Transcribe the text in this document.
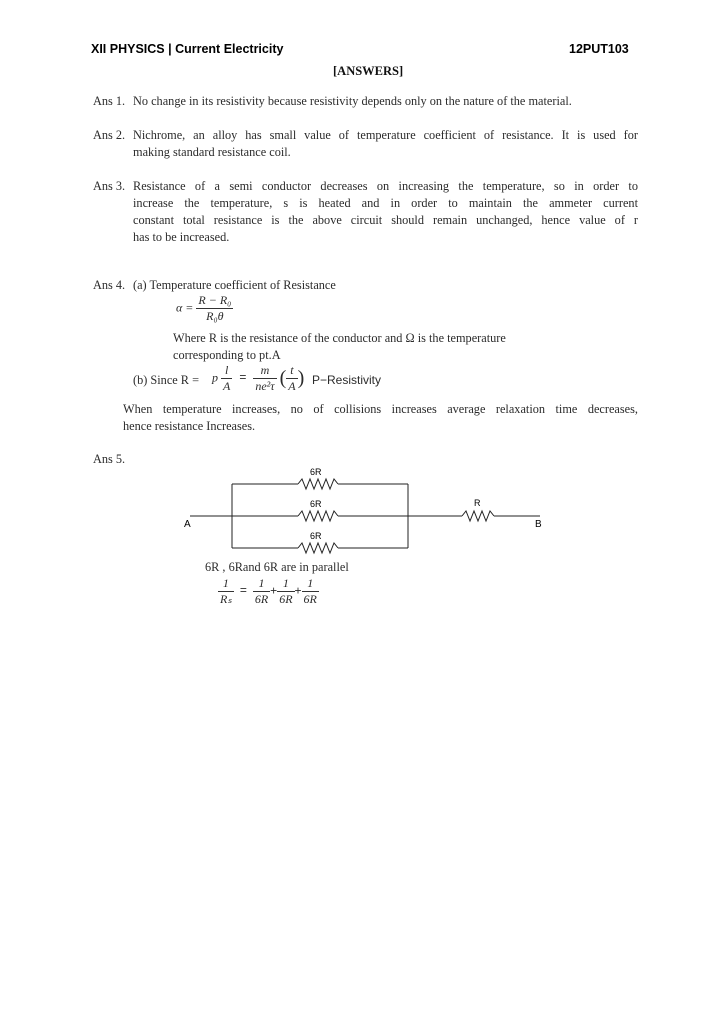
XII PHYSICS | Current Electricity	12PUT103
[ANSWERS]
Ans 1. No change in its resistivity because resistivity depends only on the nature of the material.
Ans 2. Nichrome, an alloy has small value of temperature coefficient of resistance. It is used for
making standard resistance coil.
Ans 3. Resistance of a semi conductor decreases on increasing the temperature, so in order to
increase the temperature, s is heated and in order to maintain the ammeter current
constant total resistance is the above circuit should remain unchanged, hence value of r
has to be increased.
Ans 4. (a) Temperature coefficient of Resistance
$\alpha = \frac{\text{R − R₀}}{\text{R₀θ}}$
Where R is the resistance of the conductor and Ω is the temperature
corresponding to pt.A
(b) Since R = p $\frac{l}{A} = \frac{m}{\text{ne²τ}}$ ( $\frac{t}{A}$ ) P−Resistivity
When temperature increases, no of collisions increases average relaxation time decreases,
hence resistance Increases.
Ans 5.
6R
6R
6R
R
A	B
6R , 6Rand 6R are in parallel
$\frac{1}{\text{Rₛ}} = \frac{1}{6R} + \frac{1}{6R} + \frac{1}{6R}$
